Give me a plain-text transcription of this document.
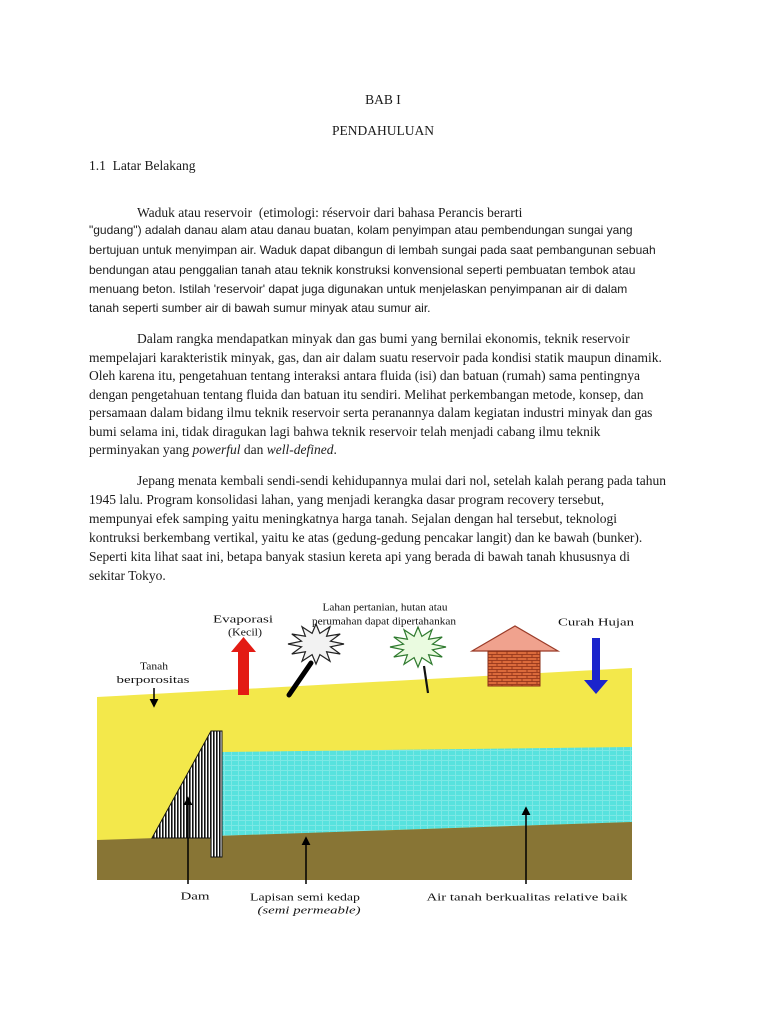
Evaporasi
(Kecil)
Lahan pertanian, hutan atau
perumahan dapat dipertahankan	Curah Hujan
Tanah
berporositas
Dam	Lapisan semi kedap
(semi permeable)
Air tanah berkualitas relative baik
BAB I
PENDAHULUAN
1.1  Latar Belakang
Waduk atau reservoir  (etimologi: réservoir dari bahasa Perancis berarti
"gudang") adalah danau alam atau danau buatan, kolam penyimpan atau pembendungan sungai yang
bertujuan untuk menyimpan air. Waduk dapat dibangun di lembah sungai pada saat pembangunan sebuah
bendungan atau penggalian tanah atau teknik konstruksi konvensional seperti pembuatan tembok atau
menuang beton. Istilah 'reservoir' dapat juga digunakan untuk menjelaskan penyimpanan air di dalam
tanah seperti sumber air di bawah sumur minyak atau sumur air.
Dalam rangka mendapatkan minyak dan gas bumi yang bernilai ekonomis, teknik reservoir
mempelajari karakteristik minyak, gas, dan air dalam suatu reservoir pada kondisi statik maupun dinamik.
Oleh karena itu, pengetahuan tentang interaksi antara fluida (isi) dan batuan (rumah) sama pentingnya
dengan pengetahuan tentang fluida dan batuan itu sendiri. Melihat perkembangan metode, konsep, dan
persamaan dalam bidang ilmu teknik reservoir serta peranannya dalam kegiatan industri minyak dan gas
bumi selama ini, tidak diragukan lagi bahwa teknik reservoir telah menjadi cabang ilmu teknik
perminyakan yang powerful dan well-defined.
Jepang menata kembali sendi-sendi kehidupannya mulai dari nol, setelah kalah perang pada tahun
1945 lalu. Program konsolidasi lahan, yang menjadi kerangka dasar program recovery tersebut,
mempunyai efek samping yaitu meningkatnya harga tanah. Sejalan dengan hal tersebut, teknologi
kontruksi berkembang vertikal, yaitu ke atas (gedung-gedung pencakar langit) dan ke bawah (bunker).
Seperti kita lihat saat ini, betapa banyak stasiun kereta api yang berada di bawah tanah khususnya di
sekitar Tokyo.
